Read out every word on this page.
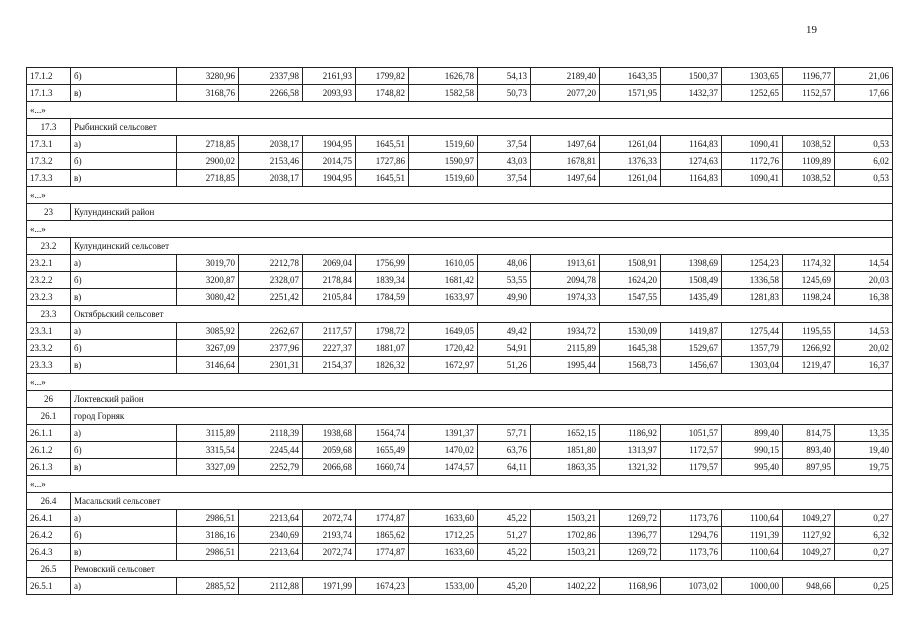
19
17.1.2	б)	3280,96	2337,98	2161,93	1799,82	1626,78	54,13	2189,40	1643,35	1500,37	1303,65	1196,77	21,06
17.1.3	в)	3168,76	2266,58	2093,93	1748,82	1582,58	50,73	2077,20	1571,95	1432,37	1252,65	1152,57	17,66
«...»													
17.3	Рыбинский сельсовет												
17.3.1	а)	2718,85	2038,17	1904,95	1645,51	1519,60	37,54	1497,64	1261,04	1164,83	1090,41	1038,52	0,53
17.3.2	б)	2900,02	2153,46	2014,75	1727,86	1590,97	43,03	1678,81	1376,33	1274,63	1172,76	1109,89	6,02
17.3.3	в)	2718,85	2038,17	1904,95	1645,51	1519,60	37,54	1497,64	1261,04	1164,83	1090,41	1038,52	0,53
«...»													
23	Кулундинский район												
«...»													
23.2	Кулундинский сельсовет												
23.2.1	а)	3019,70	2212,78	2069,04	1756,99	1610,05	48,06	1913,61	1508,91	1398,69	1254,23	1174,32	14,54
23.2.2	б)	3200,87	2328,07	2178,84	1839,34	1681,42	53,55	2094,78	1624,20	1508,49	1336,58	1245,69	20,03
23.2.3	в)	3080,42	2251,42	2105,84	1784,59	1633,97	49,90	1974,33	1547,55	1435,49	1281,83	1198,24	16,38
23.3	Октябрьский сельсовет												
23.3.1	а)	3085,92	2262,67	2117,57	1798,72	1649,05	49,42	1934,72	1530,09	1419,87	1275,44	1195,55	14,53
23.3.2	б)	3267,09	2377,96	2227,37	1881,07	1720,42	54,91	2115,89	1645,38	1529,67	1357,79	1266,92	20,02
23.3.3	в)	3146,64	2301,31	2154,37	1826,32	1672,97	51,26	1995,44	1568,73	1456,67	1303,04	1219,47	16,37
«...»													
26	Локтевский район												
26.1	город Горняк												
26.1.1	а)	3115,89	2118,39	1938,68	1564,74	1391,37	57,71	1652,15	1186,92	1051,57	899,40	814,75	13,35
26.1.2	б)	3315,54	2245,44	2059,68	1655,49	1470,02	63,76	1851,80	1313,97	1172,57	990,15	893,40	19,40
26.1.3	в)	3327,09	2252,79	2066,68	1660,74	1474,57	64,11	1863,35	1321,32	1179,57	995,40	897,95	19,75
«...»													
26.4	Масальский сельсовет												
26.4.1	а)	2986,51	2213,64	2072,74	1774,87	1633,60	45,22	1503,21	1269,72	1173,76	1100,64	1049,27	0,27
26.4.2	б)	3186,16	2340,69	2193,74	1865,62	1712,25	51,27	1702,86	1396,77	1294,76	1191,39	1127,92	6,32
26.4.3	в)	2986,51	2213,64	2072,74	1774,87	1633,60	45,22	1503,21	1269,72	1173,76	1100,64	1049,27	0,27
26.5	Ремовский сельсовет												
26.5.1	а)	2885,52	2112,88	1971,99	1674,23	1533,00	45,20	1402,22	1168,96	1073,02	1000,00	948,66	0,25
